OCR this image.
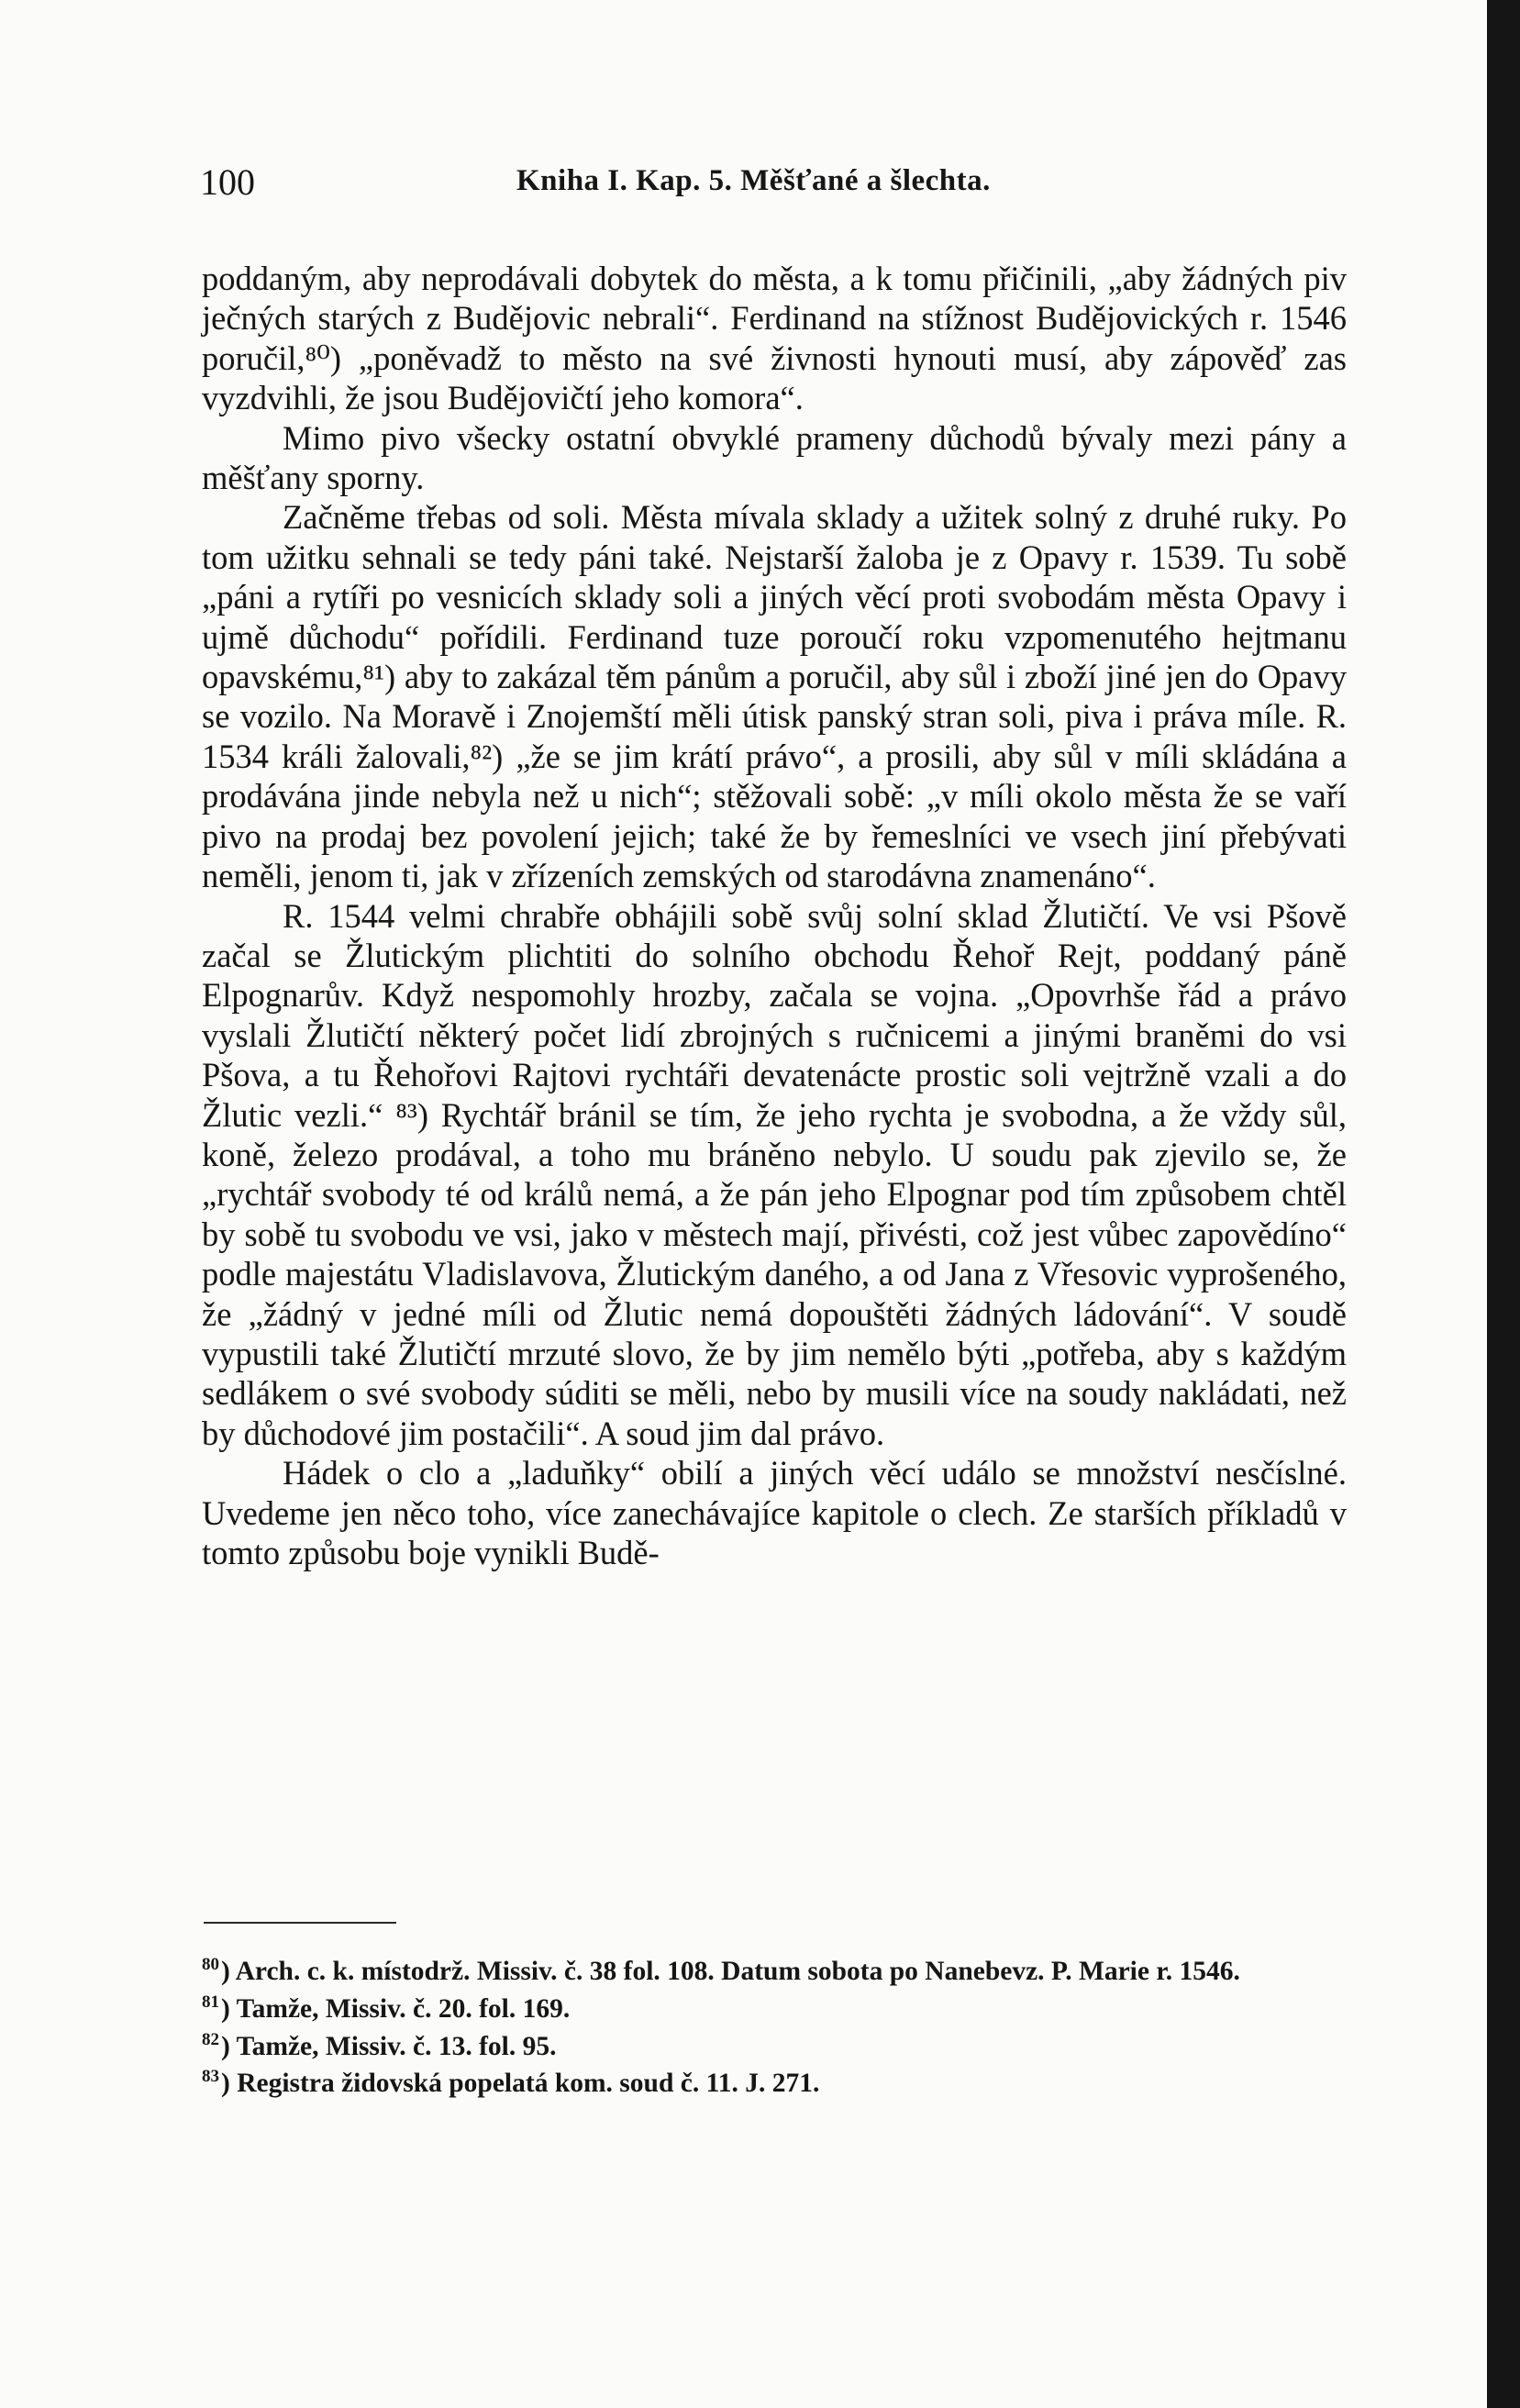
100	Kniha I. Kap. 5. Měšťané a šlechta.

poddaným, aby neprodávali dobytek do města, a k tomu přičinili, „aby žádných piv ječných starých z Budějovic nebrali“. Ferdinand na stížnost Budějovických r. 1546 poručil,⁸⁰) „poněvadž to město na své živnosti hynouti musí, aby zápověď zas vyzdvihli, že jsou Budějovičtí jeho komora“.

Mimo pivo všecky ostatní obvyklé prameny důchodů bývaly mezi pány a měšťany sporny.

Začněme třebas od soli. Města mívala sklady a užitek solný z druhé ruky. Po tom užitku sehnali se tedy páni také. Nejstarší žaloba je z Opavy r. 1539. Tu sobě „páni a rytíři po vesnicích sklady soli a jiných věcí proti svobodám města Opavy i ujmě důchodu“ pořídili. Ferdinand tuze poroučí roku vzpomenutého hejtmanu opavskému,⁸¹) aby to zakázal těm pánům a poručil, aby sůl i zboží jiné jen do Opavy se vozilo. Na Moravě i Znojemští měli útisk panský stran soli, piva i práva míle. R. 1534 králi žalovali,⁸²) „že se jim krátí právo“, a prosili, aby sůl v míli skládána a prodávána jinde nebyla než u nich“; stěžovali sobě: „v míli okolo města že se vaří pivo na prodaj bez povolení jejich; také že by řemeslníci ve vsech jiní přebývati neměli, jenom ti, jak v zřízeních zemských od starodávna znamenáno“.

R. 1544 velmi chrabře obhájili sobě svůj solní sklad Žlutičtí. Ve vsi Pšově začal se Žlutickým plichtiti do solního obchodu Řehoř Rejt, poddaný páně Elpognarův. Když nespomohly hrozby, začala se vojna. „Opovrhše řád a právo vyslali Žlutičtí některý počet lidí zbrojných s ručnicemi a jinými braněmi do vsi Pšova, a tu Řehořovi Rajtovi rychtáři devatenácte prostic soli vejtržně vzali a do Žlutic vezli.“ ⁸³) Rychtář bránil se tím, že jeho rychta je svobodna, a že vždy sůl, koně, železo prodával, a toho mu bráněno nebylo. U soudu pak zjevilo se, že „rychtář svobody té od králů nemá, a že pán jeho Elpognar pod tím způsobem chtěl by sobě tu svobodu ve vsi, jako v městech mají, přivésti, což jest vůbec zapovědíno“ podle majestátu Vladislavova, Žlutickým daného, a od Jana z Vřesovic vyprošeného, že „žádný v jedné míli od Žlutic nemá dopouštěti žádných ládování“. V soudě vypustili také Žlutičtí mrzuté slovo, že by jim nemělo býti „potřeba, aby s každým sedlákem o své svobody súditi se měli, nebo by musili více na soudy nakládati, než by důchodové jim postačili“. A soud jim dal právo.

Hádek o clo a „laduňky“ obilí a jiných věcí událo se množství nesčíslné. Uvedeme jen něco toho, více zanechávajíce kapitole o clech. Ze starších příkladů v tomto způsobu boje vynikli Budě-

$^{80}$) Arch. c. k. místodrž. Missiv. č. 38 fol. 108. Datum sobota po Nanebevz. P. Marie r. 1546.

$^{81}$) Tamže, Missiv. č. 20. fol. 169.

$^{82}$) Tamže, Missiv. č. 13. fol. 95.

$^{83}$) Registra židovská popelatá kom. soud č. 11. J. 271.
